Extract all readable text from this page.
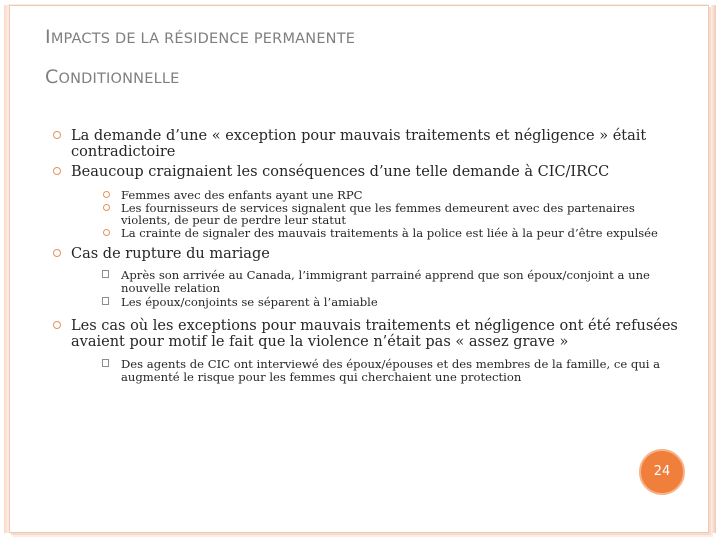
IMPACTS DE LA RÉSIDENCE PERMANENTE
CONDITIONNELLE

La demande d’une « exception pour mauvais traitements et négligence » était contradictoire

Beaucoup craignaient les conséquences d’une telle demande à CIC/IRCC

Femmes avec des enfants ayant une RPC

Les fournisseurs de services signalent que les femmes demeurent avec des partenaires violents, de peur de perdre leur statut

La crainte de signaler des mauvais traitements à la police est liée à la peur d’être expulsée

Cas de rupture du mariage

Après son arrivée au Canada, l’immigrant parrainé apprend que son époux/conjoint a une nouvelle relation

Les époux/conjoints se séparent à l’amiable

Les cas où les exceptions pour mauvais traitements et négligence ont été refusées avaient pour motif le fait que la violence n’était pas « assez grave »

Des agents de CIC ont interviewé des époux/épouses et des membres de la famille, ce qui a augmenté le risque pour les femmes qui cherchaient une protection

24
